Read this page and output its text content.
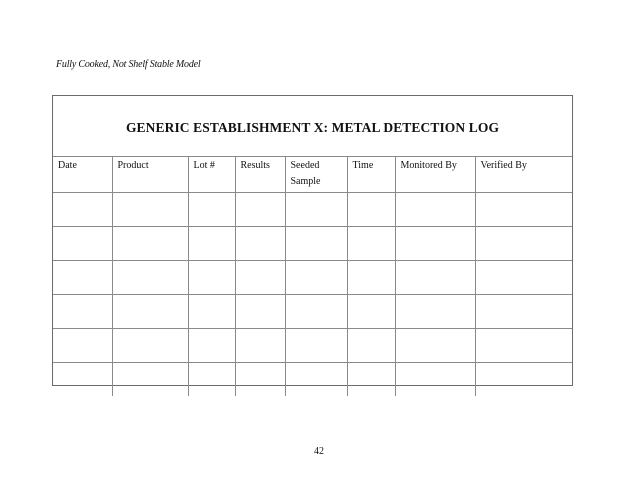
Fully Cooked, Not Shelf Stable Model
GENERIC ESTABLISHMENT X: METAL DETECTION LOG
Date	Product	Lot #	Results	Seeded Sample	Time	Monitored By	Verified By

42
